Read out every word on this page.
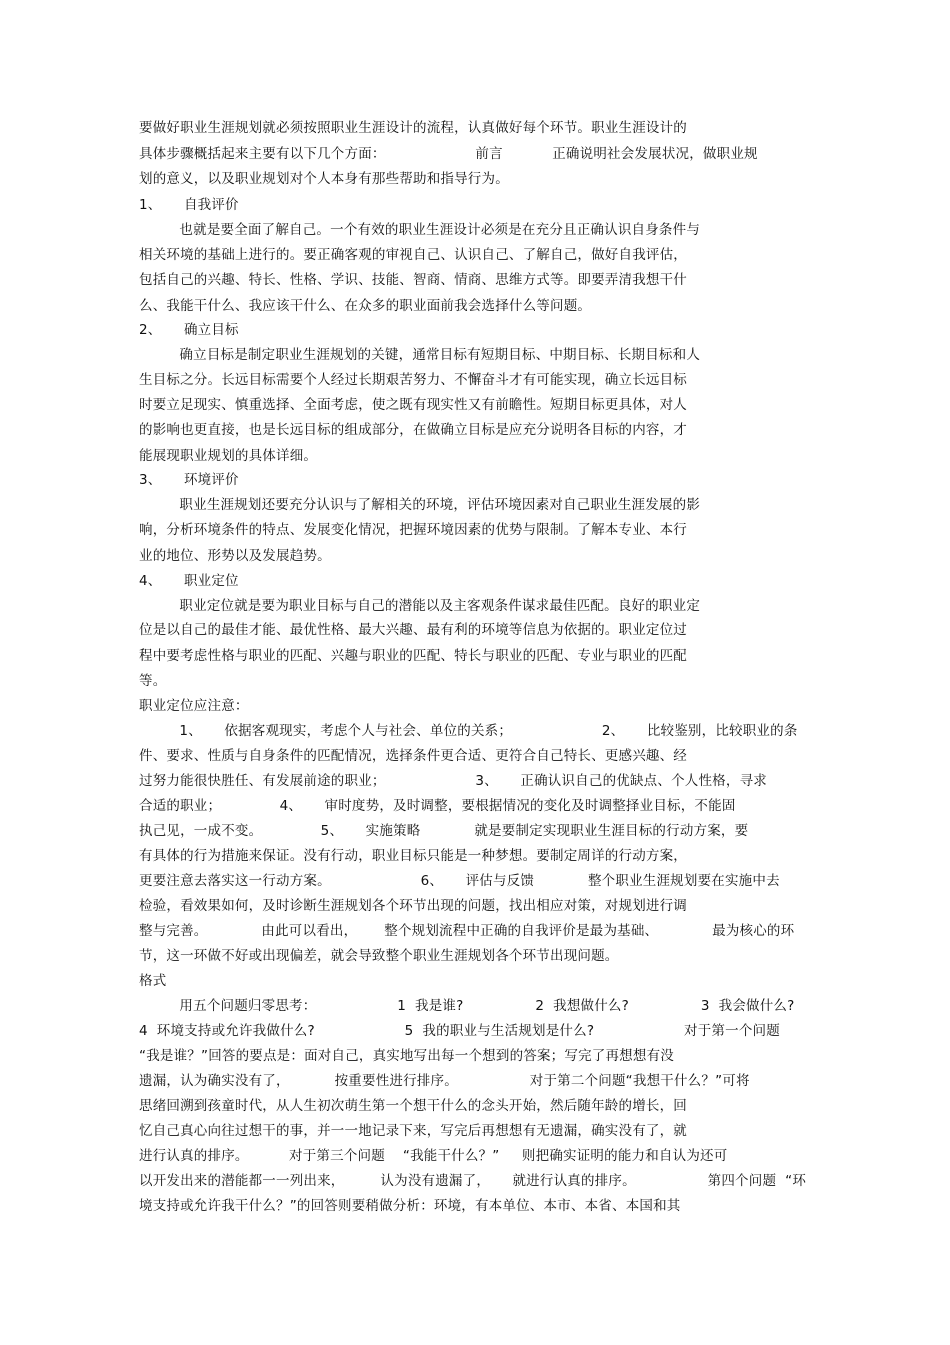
要做好职业生涯规划就必须按照职业生涯设计的流程，认真做好每个环节。职业生涯设计的
具体步骤概括起来主要有以下几个方面：                    前言           正确说明社会发展状况，做职业规
划的意义，以及职业规划对个人本身有那些帮助和指导行为。
1、     自我评价
也就是要全面了解自己。一个有效的职业生涯设计必须是在充分且正确认识自身条件与
相关环境的基础上进行的。要正确客观的审视自己、认识自己、了解自己，做好自我评估，
包括自己的兴趣、特长、性格、学识、技能、智商、情商、思维方式等。即要弄清我想干什
么、我能干什么、我应该干什么、在众多的职业面前我会选择什么等问题。
2、     确立目标
确立目标是制定职业生涯规划的关键，通常目标有短期目标、中期目标、长期目标和人
生目标之分。长远目标需要个人经过长期艰苦努力、不懈奋斗才有可能实现，确立长远目标
时要立足现实、慎重选择、全面考虑，使之既有现实性又有前瞻性。短期目标更具体，对人
的影响也更直接，也是长远目标的组成部分，在做确立目标是应充分说明各目标的内容，才
能展现职业规划的具体详细。
3、     环境评价
职业生涯规划还要充分认识与了解相关的环境，评估环境因素对自己职业生涯发展的影
响，分析环境条件的特点、发展变化情况，把握环境因素的优势与限制。了解本专业、本行
业的地位、形势以及发展趋势。
4、     职业定位
职业定位就是要为职业目标与自己的潜能以及主客观条件谋求最佳匹配。良好的职业定
位是以自己的最佳才能、最优性格、最大兴趣、最有利的环境等信息为依据的。职业定位过
程中要考虑性格与职业的匹配、兴趣与职业的匹配、特长与职业的匹配、专业与职业的匹配
等。
职业定位应注意：
1、     依据客观现实，考虑个人与社会、单位的关系；                    2、     比较鉴别，比较职业的条
件、要求、性质与自身条件的匹配情况，选择条件更合适、更符合自己特长、更感兴趣、经
过努力能很快胜任、有发展前途的职业；                    3、     正确认识自己的优缺点、个人性格，寻求
合适的职业；             4、     审时度势，及时调整，要根据情况的变化及时调整择业目标，不能固
执己见，一成不变。             5、     实施策略            就是要制定实现职业生涯目标的行动方案，要
有具体的行为措施来保证。没有行动，职业目标只能是一种梦想。要制定周详的行动方案，
更要注意去落实这一行动方案。                    6、     评估与反馈            整个职业生涯规划要在实施中去
检验，看效果如何，及时诊断生涯规划各个环节出现的问题，找出相应对策，对规划进行调
整与完善。            由此可以看出，      整个规划流程中正确的自我评价是最为基础、            最为核心的环
节，这一环做不好或出现偏差，就会导致整个职业生涯规划各个环节出现问题。
格式
用五个问题归零思考：                  1  我是谁?                2  我想做什么?                3  我会做什么?
4  环境支持或允许我做什么?                    5  我的职业与生活规划是什么?                    对于第一个问题
“我是谁？”回答的要点是：面对自己，真实地写出每一个想到的答案；写完了再想想有没
遗漏，认为确实没有了，          按重要性进行排序。                对于第二个问题“我想干什么？”可将
思绪回溯到孩童时代，从人生初次萌生第一个想干什么的念头开始，然后随年龄的增长，回
忆自己真心向往过想干的事，并一一地记录下来，写完后再想想有无遗漏，确实没有了，就
进行认真的排序。         对于第三个问题    “我能干什么？”     则把确实证明的能力和自认为还可
以开发出来的潜能都一一列出来，        认为没有遗漏了，     就进行认真的排序。                第四个问题  “环
境支持或允许我干什么？”的回答则要稍做分析：环境，有本单位、本市、本省、本国和其
